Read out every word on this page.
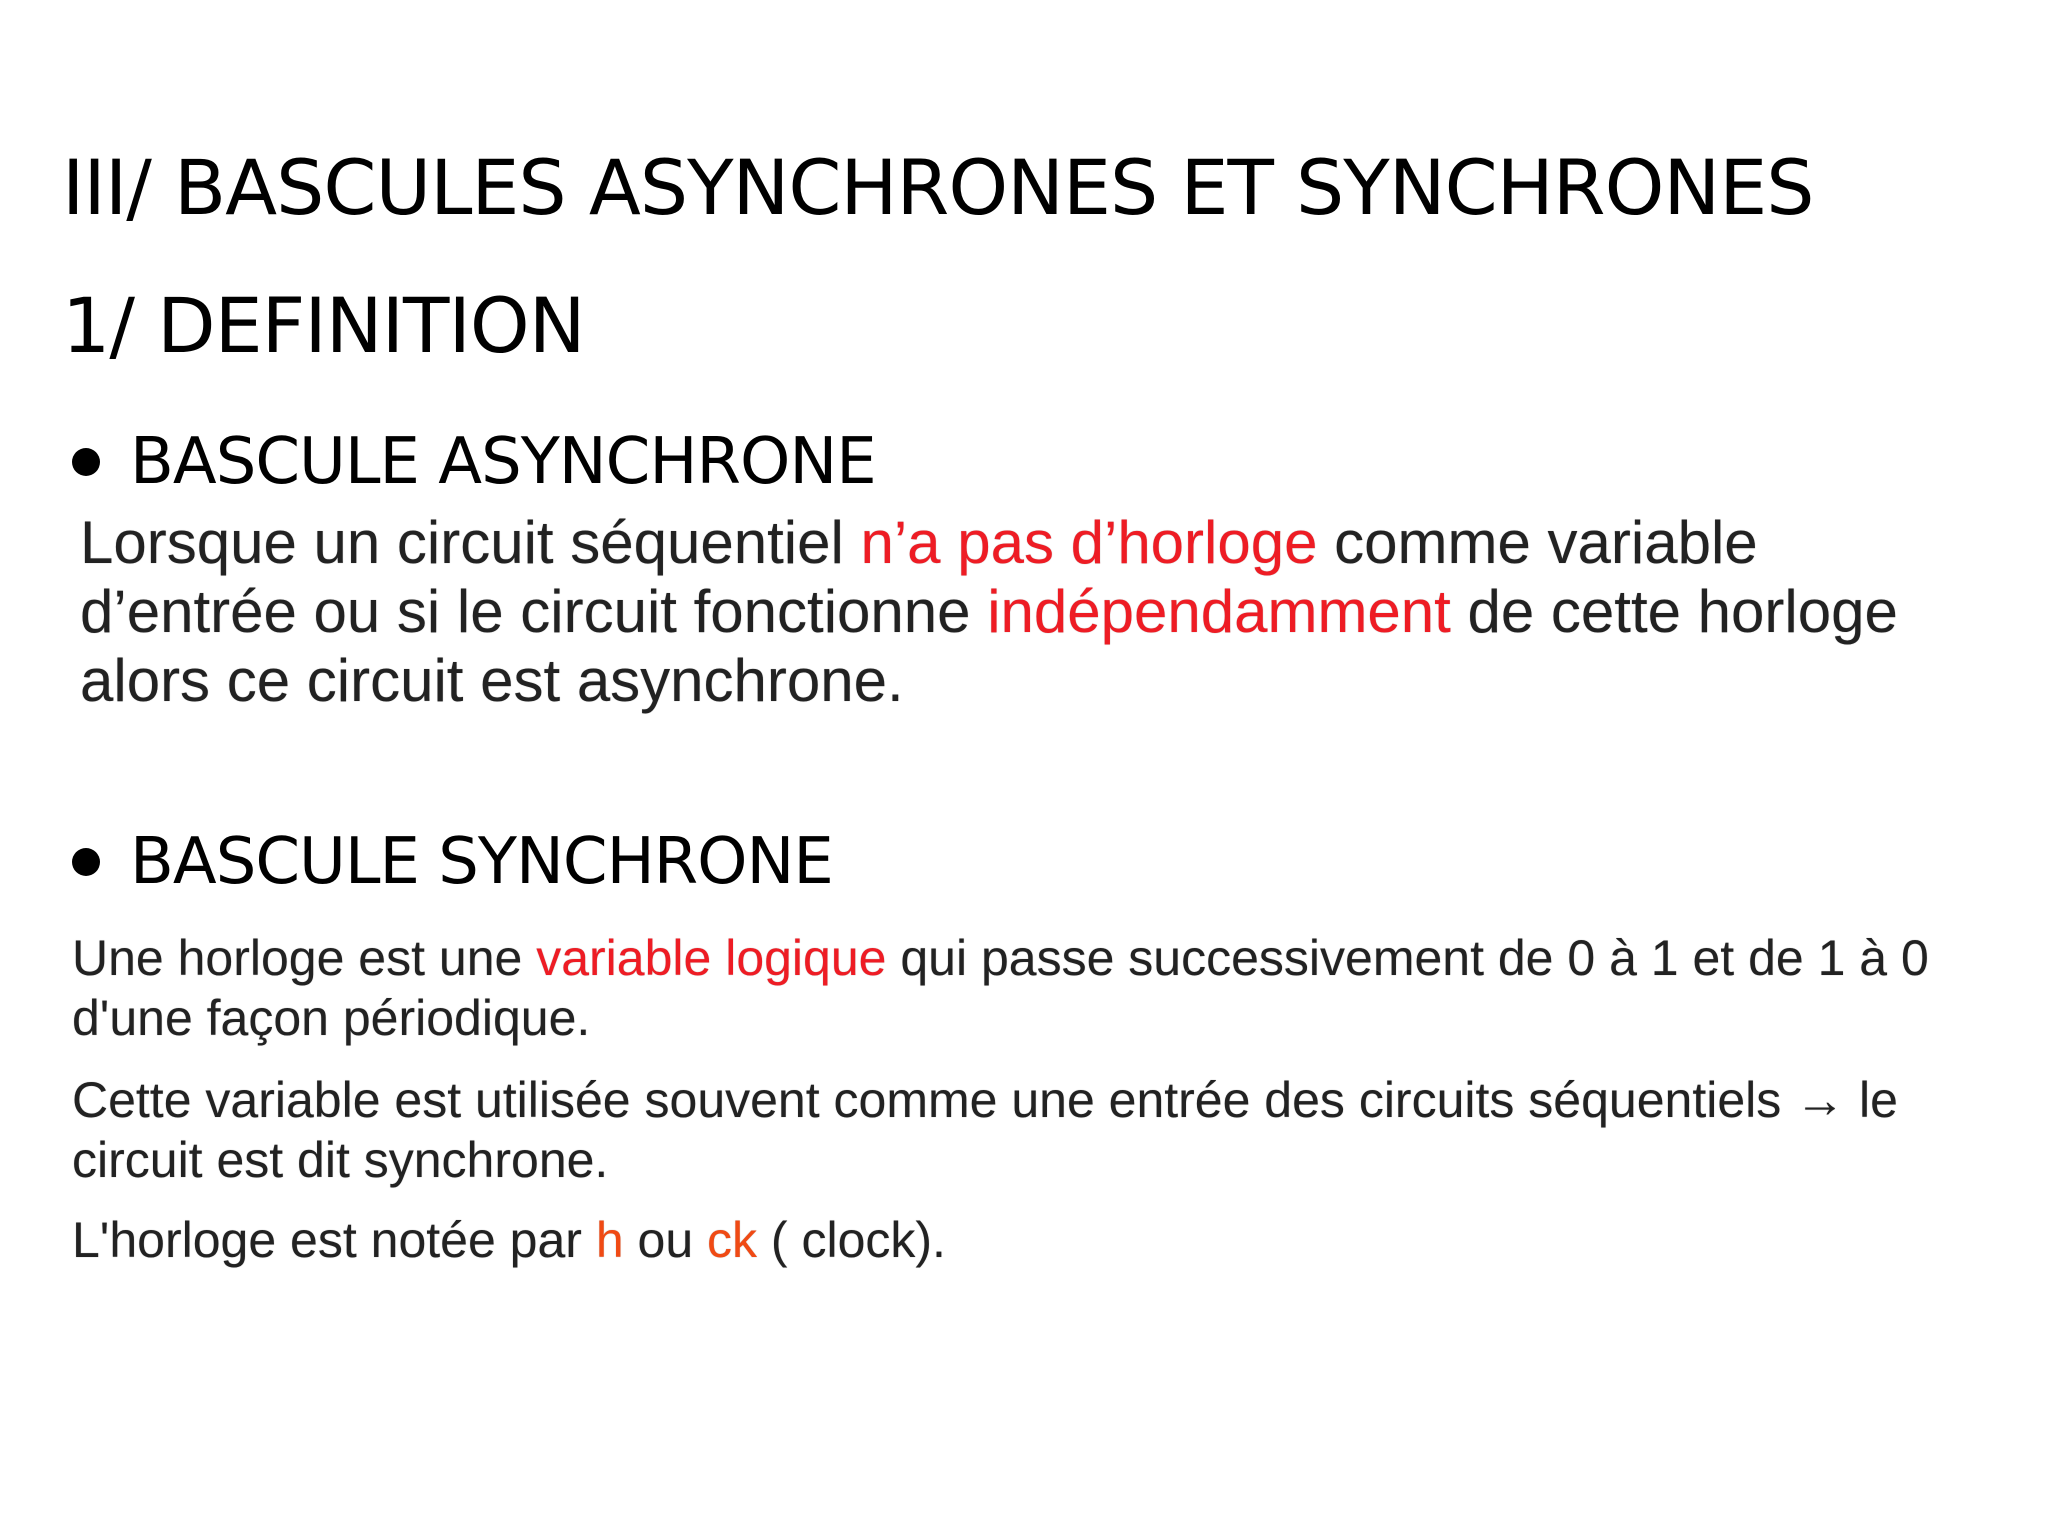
III/ BASCULES ASYNCHRONES ET SYNCHRONES
1/ DEFINITION
BASCULE ASYNCHRONE

Lorsque un circuit séquentiel n’a pas d’horloge comme variable d’entrée ou si le circuit fonctionne indépendamment de cette horloge alors ce circuit est asynchrone.

BASCULE SYNCHRONE

Une horloge est une variable logique qui passe successivement de 0 à 1 et de 1 à 0 d'une façon périodique.

Cette variable est utilisée souvent comme une entrée des circuits séquentiels → le circuit est dit synchrone.

L'horloge est notée par h ou ck ( clock).
